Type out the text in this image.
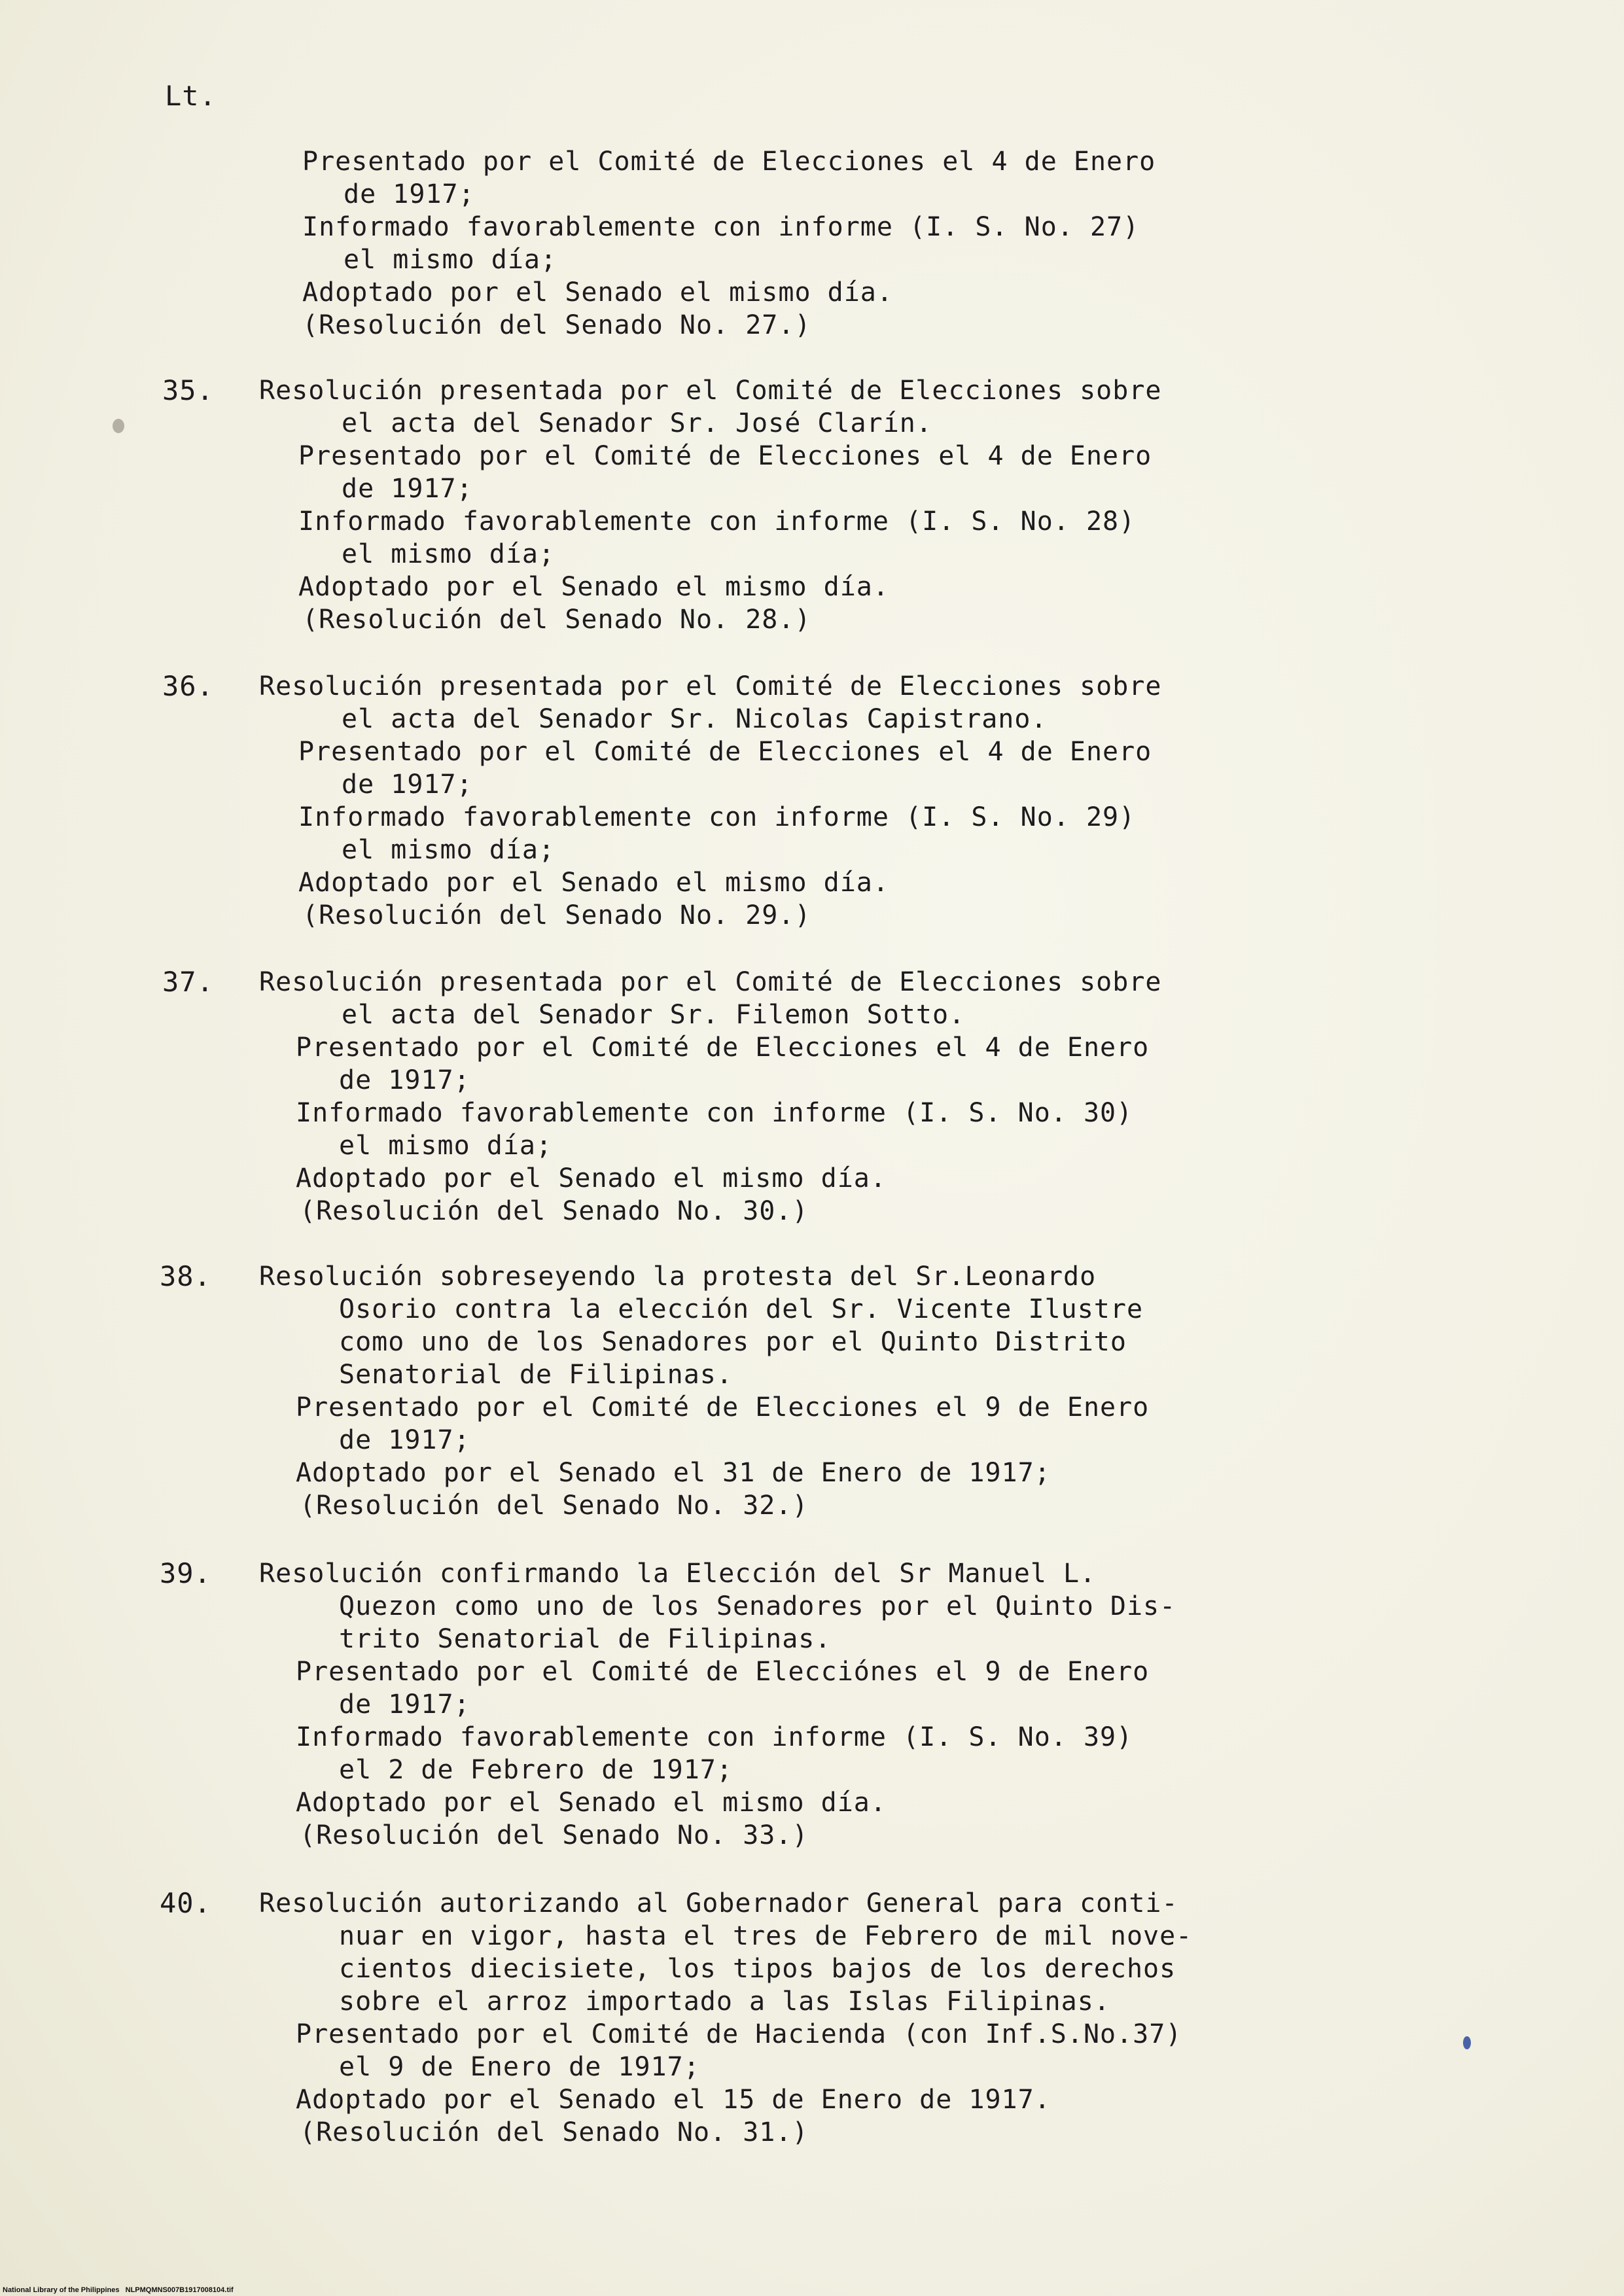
Lt.
Presentado por el Comité de Elecciones el 4 de Enero
de 1917;
Informado favorablemente con informe (I. S. No. 27)
el mismo día;
Adoptado por el Senado el mismo día.
(Resolución del Senado No. 27.)
35. Resolución presentada por el Comité de Elecciones sobre
el acta del Senador Sr. José Clarín.
Presentado por el Comité de Elecciones el 4 de Enero
de 1917;
Informado favorablemente con informe (I. S. No. 28)
el mismo día;
Adoptado por el Senado el mismo día.
(Resolución del Senado No. 28.)
36. Resolución presentada por el Comité de Elecciones sobre
el acta del Senador Sr. Nicolas Capistrano.
Presentado por el Comité de Elecciones el 4 de Enero
de 1917;
Informado favorablemente con informe (I. S. No. 29)
el mismo día;
Adoptado por el Senado el mismo día.
(Resolución del Senado No. 29.)
37. Resolución presentada por el Comité de Elecciones sobre
el acta del Senador Sr. Filemon Sotto.
Presentado por el Comité de Elecciones el 4 de Enero
de 1917;
Informado favorablemente con informe (I. S. No. 30)
el mismo día;
Adoptado por el Senado el mismo día.
(Resolución del Senado No. 30.)
38. Resolución sobreseyendo la protesta del Sr.Leonardo
Osorio contra la elección del Sr. Vicente Ilustre
como uno de los Senadores por el Quinto Distrito
Senatorial de Filipinas.
Presentado por el Comité de Elecciones el 9 de Enero
de 1917;
Adoptado por el Senado el 31 de Enero de 1917;
(Resolución del Senado No. 32.)
39. Resolución confirmando la Elección del Sr Manuel L.
Quezon como uno de los Senadores por el Quinto Dis-
trito Senatorial de Filipinas.
Presentado por el Comité de Elecciónes el 9 de Enero
de 1917;
Informado favorablemente con informe (I. S. No. 39)
el 2 de Febrero de 1917;
Adoptado por el Senado el mismo día.
(Resolución del Senado No. 33.)
40. Resolución autorizando al Gobernador General para conti-
nuar en vigor, hasta el tres de Febrero de mil nove-
cientos diecisiete, los tipos bajos de los derechos
sobre el arroz importado a las Islas Filipinas.
Presentado por el Comité de Hacienda (con Inf.S.No.37)
el 9 de Enero de 1917;
Adoptado por el Senado el 15 de Enero de 1917.
(Resolución del Senado No. 31.)
National Library of the Philippines   NLPMQMNS007B1917008104.tif
